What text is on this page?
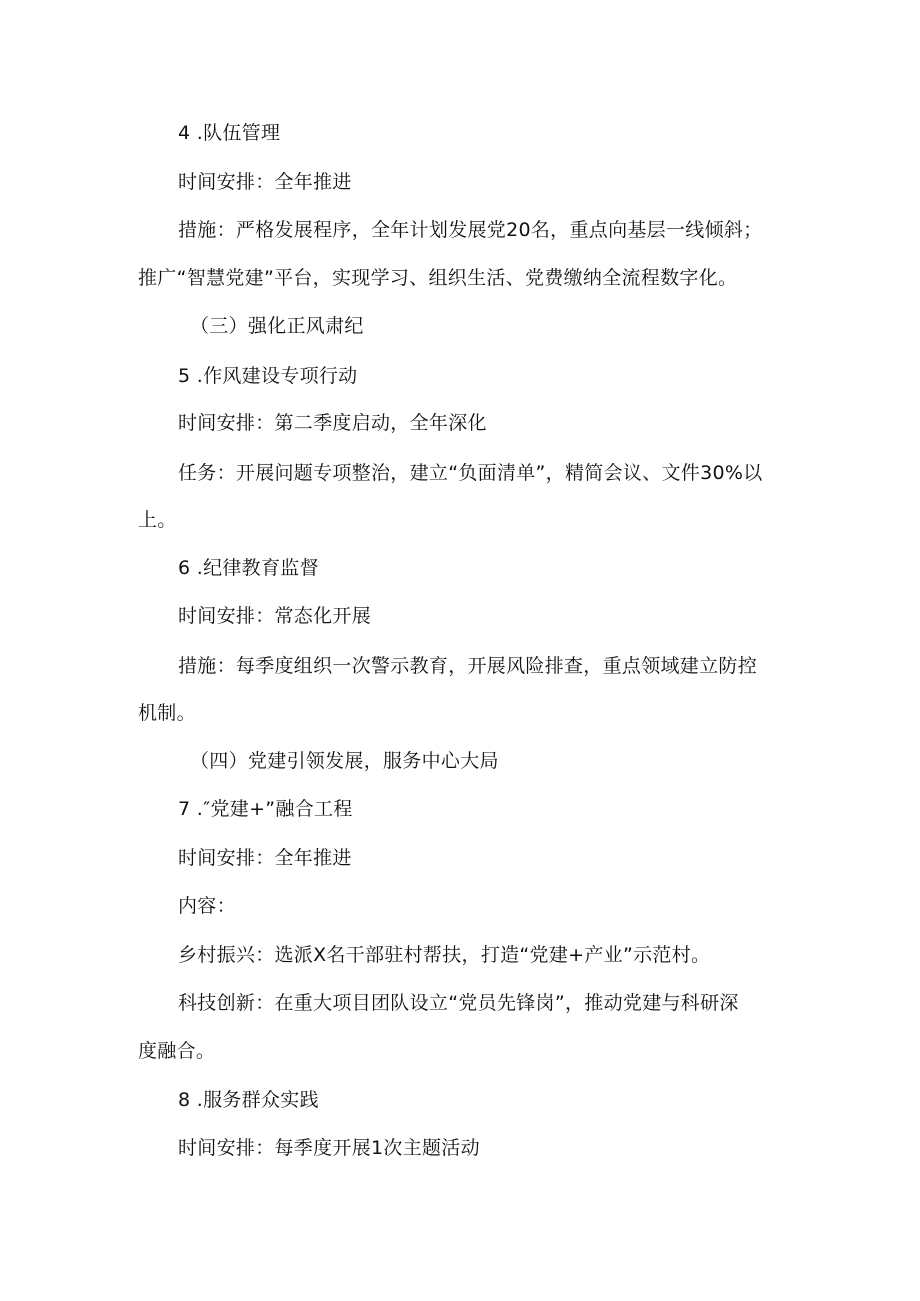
4 .队伍管理
时间安排：全年推进
措施：严格发展程序，全年计划发展党20名，重点向基层一线倾斜；
推广“智慧党建”平台，实现学习、组织生活、党费缴纳全流程数字化。
（三）强化正风肃纪
5 .作风建设专项行动
时间安排：第二季度启动，全年深化
任务：开展问题专项整治，建立“负面清单”，精简会议、文件30%以
上。
6 .纪律教育监督
时间安排：常态化开展
措施：每季度组织一次警示教育，开展风险排查，重点领域建立防控
机制。
（四）党建引领发展，服务中心大局
7 .″党建+”融合工程
时间安排：全年推进
内容：
乡村振兴：选派X名干部驻村帮扶，打造“党建+产业”示范村。
科技创新：在重大项目团队设立“党员先锋岗”，推动党建与科研深
度融合。
8 .服务群众实践
时间安排：每季度开展1次主题活动
